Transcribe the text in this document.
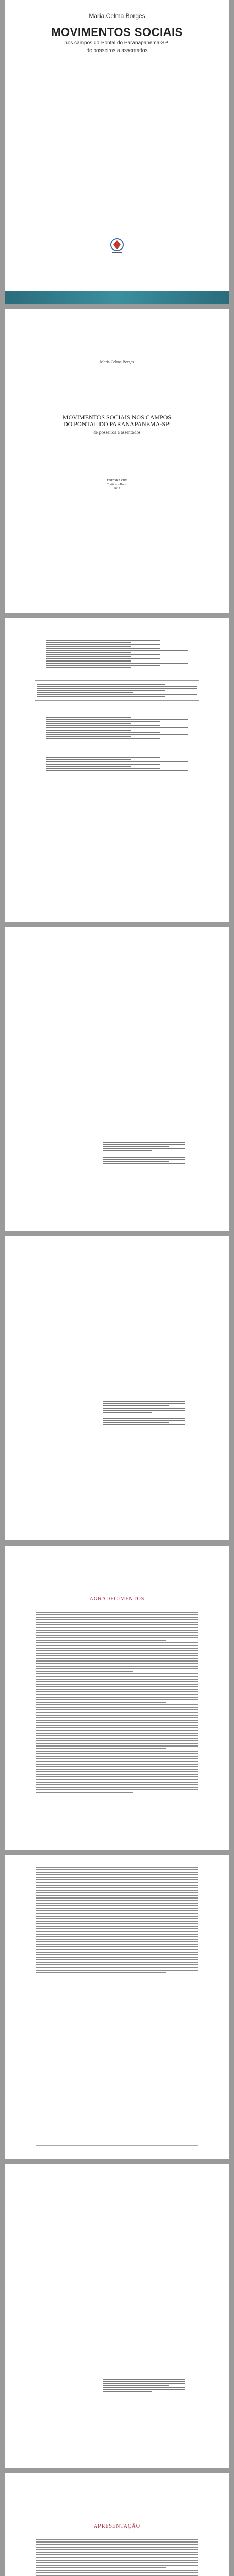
Maria Celma Borges
MOVIMENTOS SOCIAIS
nos campos do Pontal do Paranapanema-SP:
de posseiros a assentados
Maria Celma Borges
MOVIMENTOS SOCIAIS NOS CAMPOS
DO PONTAL DO PARANAPANEMA-SP:
de posseiros a assentados
EDITORA CRV
Curitiba – Brasil
2017
AGRADECIMENTOS
APRESENTAÇÃO
